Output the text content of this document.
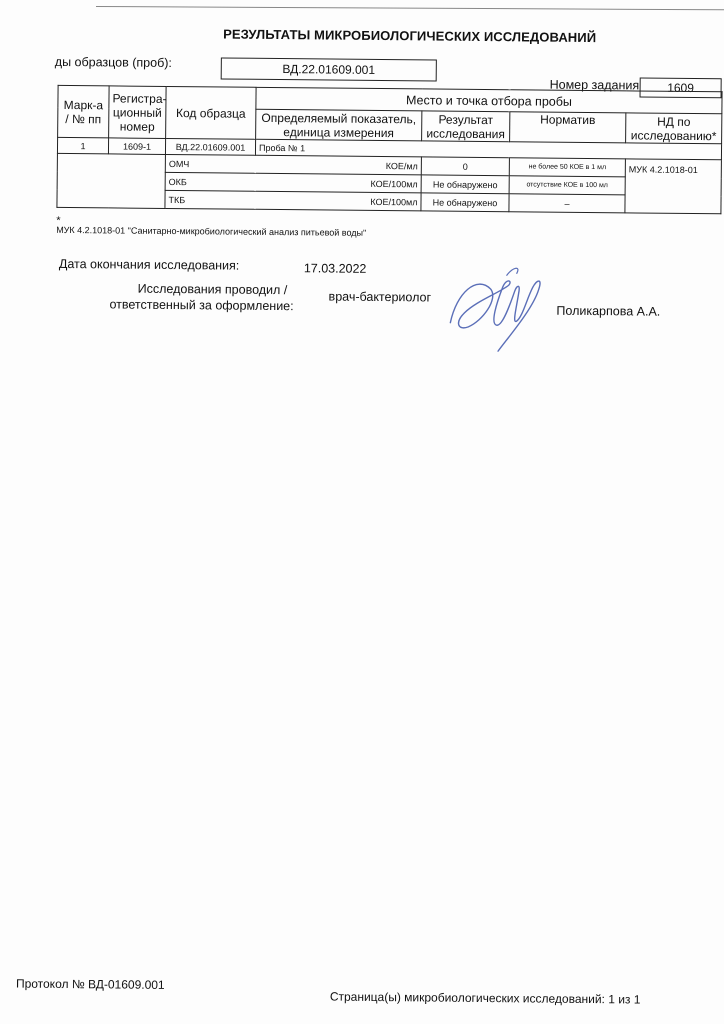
РЕЗУЛЬТАТЫ МИКРОБИОЛОГИЧЕСКИХ ИССЛЕДОВАНИЙ
ды образцов (проб):	ВД.22.01609.001
Номер задания	1609
Марк-а / № пп	Регистра-ционный номер	Код образца	Место и точка отбора пробы			
			Определяемый показатель, единица измерения	Результат исследования	Норматив	НД по исследованию*
1	1609-1	ВД.22.01609.001	Проба № 1			

		ОМЧ КОЕ/мл		0	не более 50 КОЕ в 1 мл	МУК 4.2.1018-01

		ОКБ КОЕ/100мл		Не обнаружено	отсутствие КОЕ в 100 мл	

		ТКБ КОЕ/100мл		Не обнаружено	–	
*
МУК 4.2.1018-01 "Санитарно-микробиологический анализ питьевой воды"
Дата окончания исследования:	17.03.2022
Исследования проводил /
ответственный за оформление:
врач-бактериолог
Поликарпова А.А.
Протокол № ВД-01609.001
Страница(ы) микробиологических исследований: 1 из 1
